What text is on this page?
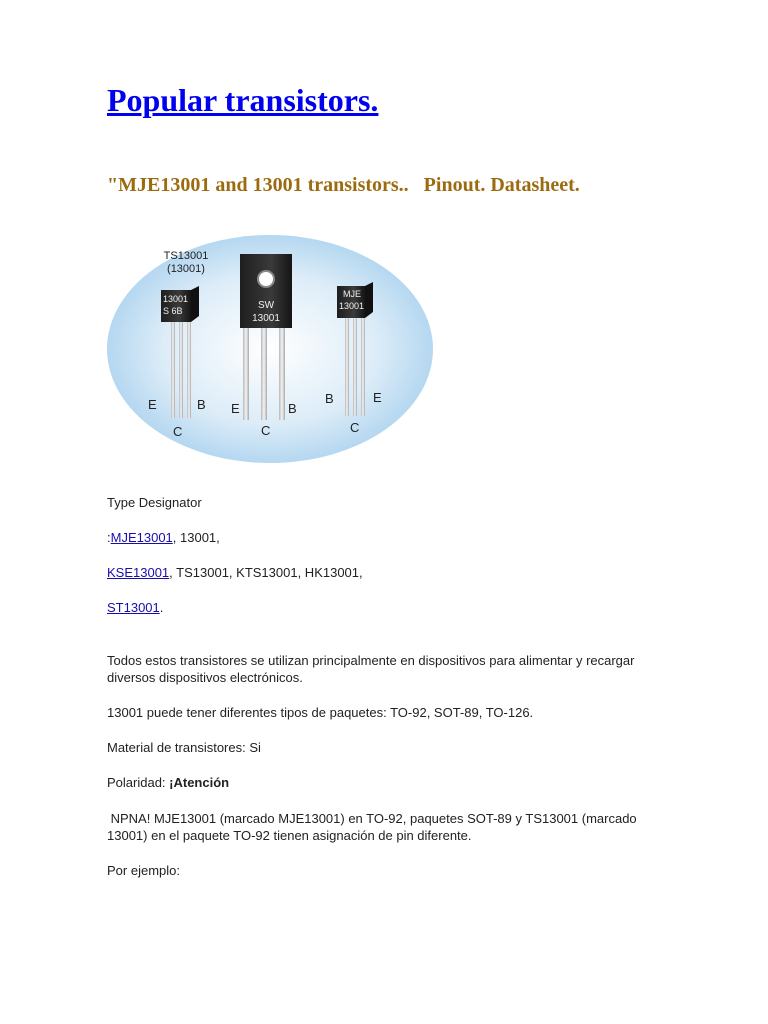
Popular transistors.
"MJE13001 and 13001 transistors..   Pinout. Datasheet.
TS13001
(13001)
13001
S 6B
E
C
B
SW
13001
E
C
B
MJE
13001
B
C
E

Type Designator

:MJE13001, 13001,

KSE13001, TS13001, KTS13001, HK13001,

ST13001.

Todos estos transistores se utilizan principalmente en dispositivos para alimentar y recargar

diversos dispositivos electrónicos.

13001 puede tener diferentes tipos de paquetes: TO-92, SOT-89, TO-126.

Material de transistores: Si

Polaridad: ¡Atención

NPNA! MJE13001 (marcado MJE13001) en TO-92, paquetes SOT-89 y TS13001 (marcado

13001) en el paquete TO-92 tienen asignación de pin diferente.

Por ejemplo:
